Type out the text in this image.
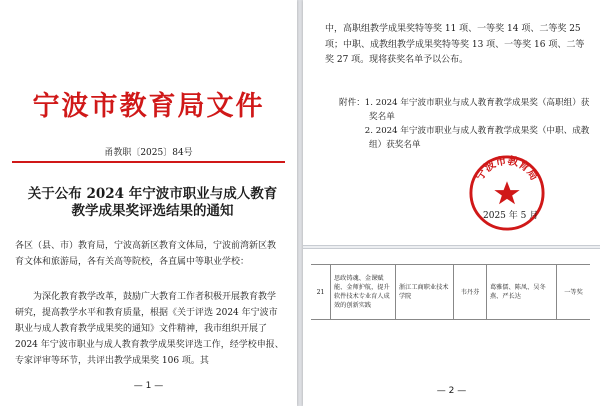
宁波市教育局文件
甬教职〔2025〕84号
关于公布 2024 年宁波市职业与成人教育
教学成果奖评选结果的通知
各区（县、市）教育局，宁波高新区教育文体局，宁波前湾新区教育文体和旅游局，各有关高等院校，各直属中等职业学校：
为深化教育教学改革，鼓励广大教育工作者积极开展教育教学研究，提高教学水平和教育质量，根据《关于评选 2024 年宁波市职业与成人教育教学成果奖的通知》文件精神，我市组织开展了 2024 年宁波市职业与成人教育教学成果奖评选工作，经学校申报、专家评审等环节，共评出教学成果奖 106 项。其
— 1 —
中，高职组教学成果奖特等奖 11 项、一等奖 14 项、二等奖 25 项；中职、成教组教学成果奖特等奖 13 项、一等奖 16 项、二等奖 27 项。现将获奖名单予以公布。
附件：1. 2024 年宁波市职业与成人教育教学成果奖（高职组）获奖名单
2. 2024 年宁波市职业与成人教育教学成果奖（中职、成教组）获奖名单
宁波市教育局
2025 年 5 月
21
思政铸魂、金课赋能、金师护航，提升软件技术专业育人成效的创新实践
浙江工商职业技术学院
韦丹芬
葛雅儒、陈凤、吴冬燕、严长达
一等奖
— 2 —
